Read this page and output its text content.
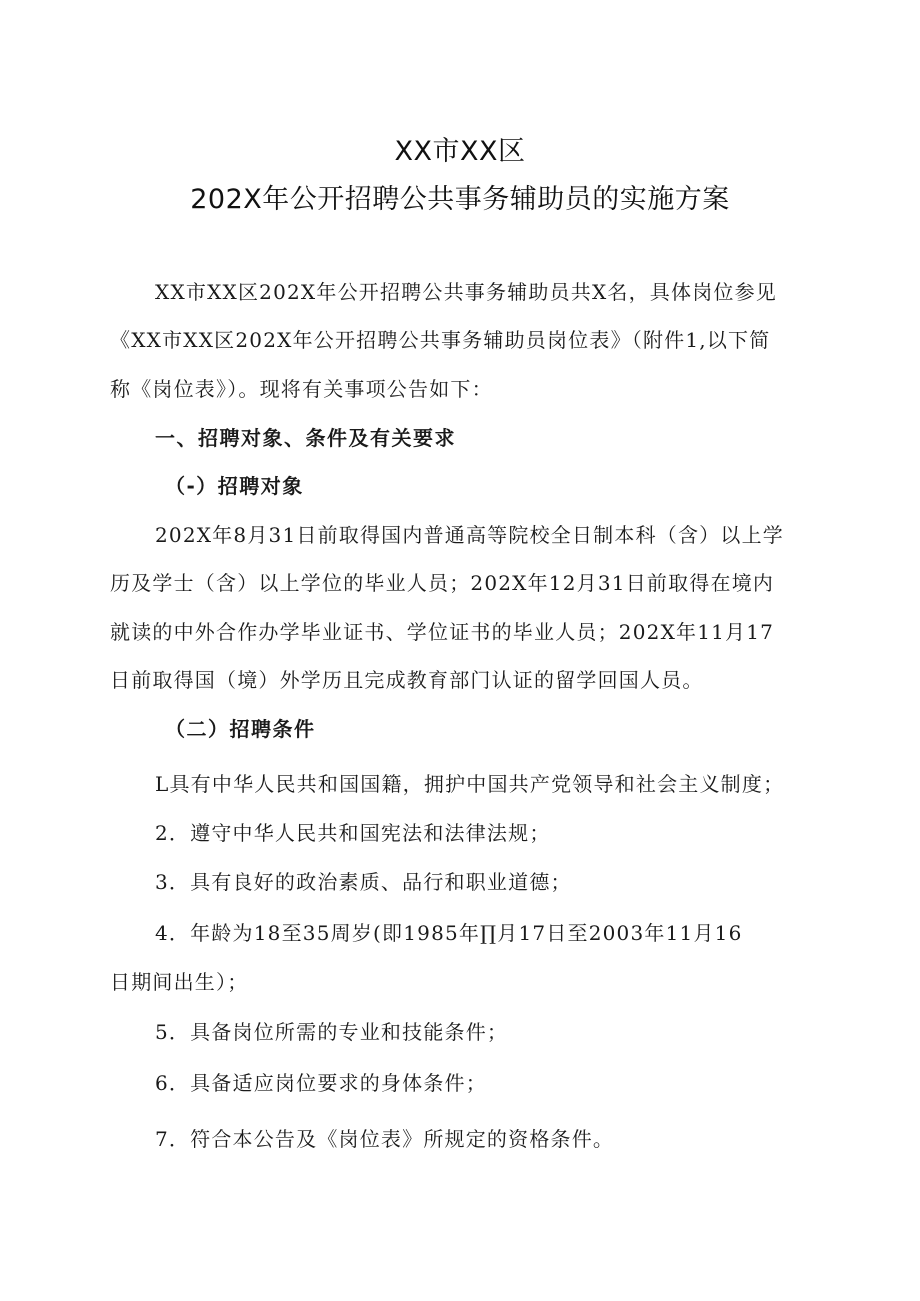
XX市XX区
202X年公开招聘公共事务辅助员的实施方案
XX市XX区202X年公开招聘公共事务辅助员共X名，具体岗位参见
《XX市XX区202X年公开招聘公共事务辅助员岗位表》（附件1,以下简
称《岗位表》）。现将有关事项公告如下：
一、招聘对象、条件及有关要求
（-）招聘对象
202X年8月31日前取得国内普通高等院校全日制本科（含）以上学
历及学士（含）以上学位的毕业人员；202X年12月31日前取得在境内
就读的中外合作办学毕业证书、学位证书的毕业人员；202X年11月17
日前取得国（境）外学历且完成教育部门认证的留学回国人员。
（二）招聘条件
L具有中华人民共和国国籍，拥护中国共产党领导和社会主义制度；
2．遵守中华人民共和国宪法和法律法规；
3．具有良好的政治素质、品行和职业道德；
4．年龄为18至35周岁(即1985年∏月17日至2003年11月16
日期间出生）；
5．具备岗位所需的专业和技能条件；
6．具备适应岗位要求的身体条件；
7．符合本公告及《岗位表》所规定的资格条件。
